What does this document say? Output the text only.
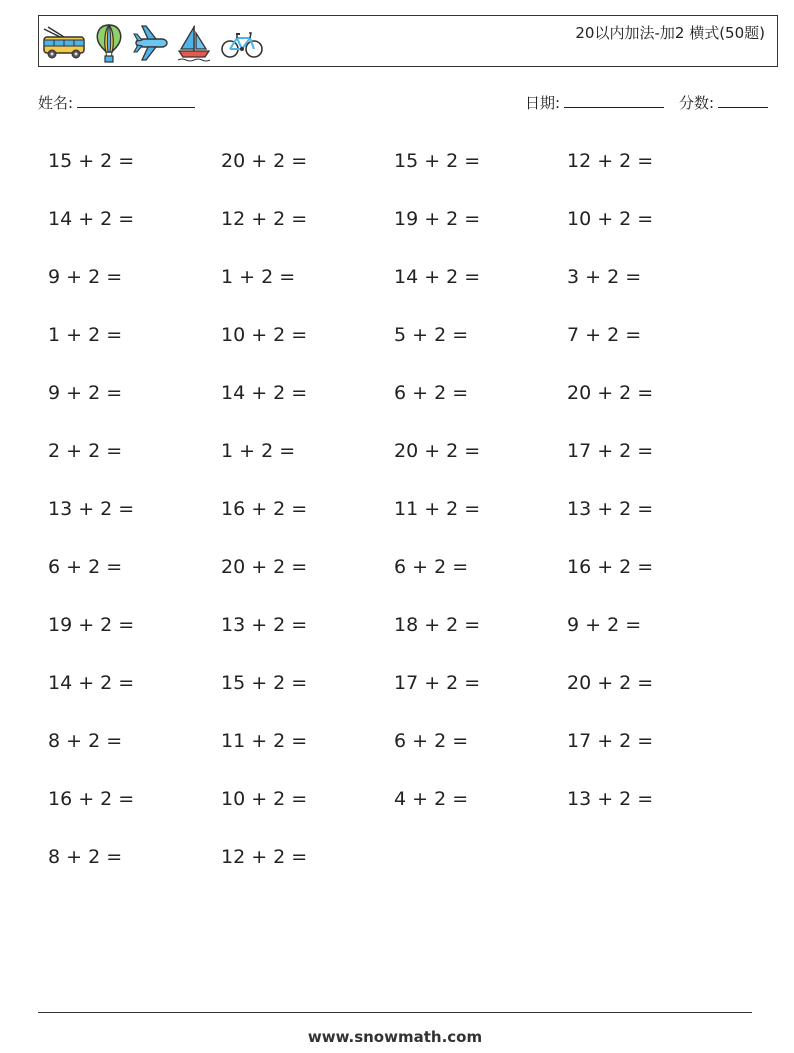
20以内加法-加2 横式(50题)
姓名:	日期:	分数:
15 + 2 =	20 + 2 =	15 + 2 =	12 + 2 =
14 + 2 =	12 + 2 =	19 + 2 =	10 + 2 =
9 + 2 =	1 + 2 =	14 + 2 =	3 + 2 =
1 + 2 =	10 + 2 =	5 + 2 =	7 + 2 =
9 + 2 =	14 + 2 =	6 + 2 =	20 + 2 =
2 + 2 =	1 + 2 =	20 + 2 =	17 + 2 =
13 + 2 =	16 + 2 =	11 + 2 =	13 + 2 =
6 + 2 =	20 + 2 =	6 + 2 =	16 + 2 =
19 + 2 =	13 + 2 =	18 + 2 =	9 + 2 =
14 + 2 =	15 + 2 =	17 + 2 =	20 + 2 =
8 + 2 =	11 + 2 =	6 + 2 =	17 + 2 =
16 + 2 =	10 + 2 =	4 + 2 =	13 + 2 =
8 + 2 =	12 + 2 =
www.snowmath.com
